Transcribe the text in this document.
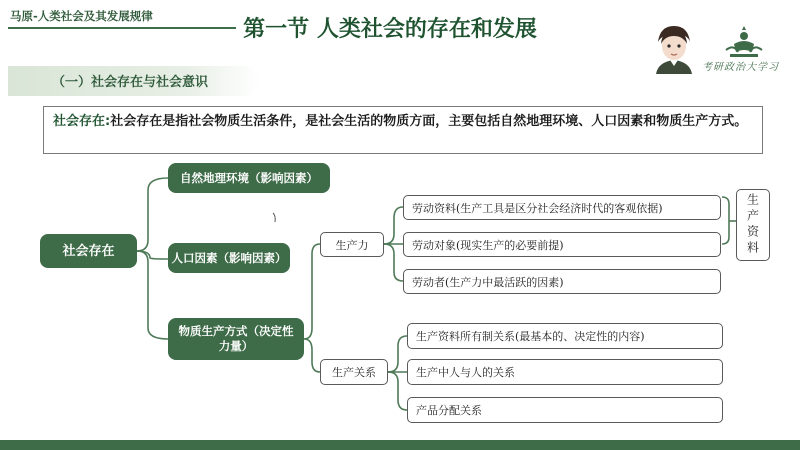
马原-人类社会及其发展规律	第一节 人类社会的存在和发展
考研政治大学习
（一）社会存在与社会意识
社会存在:社会存在是指社会物质生活条件，是社会生活的物质方面，主要包括自然地理环境、人口因素和物质生产方式。
社会存在
自然地理环境（影响因素）
人口因素（影响因素）
物质生产方式（决定性力量）
生产力
劳动资料(生产工具是区分社会经济时代的客观依据)
劳动对象(现实生产的必要前提)
劳动者(生产力中最活跃的因素)
生产资料
生产关系
生产资料所有制关系(最基本的、决定性的内容)
生产中人与人的关系
产品分配关系
